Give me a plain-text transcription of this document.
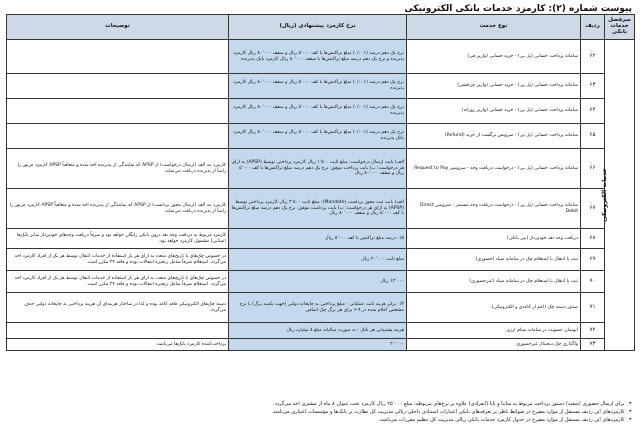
پیوست شماره (۲): کارمزد خدمات بانکی الکترونیکی
سرفصل خدمات بانکی	ردیف	نوع خدمت	نرخ کارمزد پیشنهادی (ریال)	توضیحات
خدمات الکترونیکی	۶۲	سامانه پرداخت حسابی (پل پی) - خرید حسابی (واریز فی)	نرخ یک دهم درصد (۰/۰۰۱) مبلغ تراکنش‌ها با کف ۵٬۰۰۰ ریال و سقف ۸۰٬۰۰۰ ریال کارمزد پذیرنده و نرخ یک دهم درصد مبلغ تراکنش‌ها با سقف ۸۰٬۰۰۰ ریال کارمزد بانک پذیرنده	
	۶۳	سامانه پرداخت حسابی (پل پی) - خرید حسابی (واریز چرخشی)	نرخ یک دهم درصد (۰/۰۰۱) مبلغ تراکنش‌ها با کف ۵٬۰۰۰ ریال و سقف ۸۰٬۰۰۰ ریال کارمزد پذیرنده	
	۶۴	سامانه پرداخت حسابی (پل پی) - خرید حسابی (واریز روزانه)	نرخ یک دهم درصد (۰/۰۰۱) مبلغ تراکنش‌ها با کف ۵٬۰۰۰ ریال و سقف ۸۰٬۰۰۰ ریال کارمزد پذیرنده	
	۶۵	سامانه پرداخت حسابی (پل پی) - سرویس برگشت از خرید (Refund)	نرخ یک دهم درصد (۰/۰۰۱) مبلغ تراکنش‌ها با کف ۵٬۰۰۰ ریال و سقف ۸۰٬۰۰۰ ریال کارمزد بانک پذیرنده	
	۶۶	سامانه پرداخت حسابی (پل پی) - درخواست دریافت وجه - سرویس Request to Pay	الف) بابت ارسال درخواست: مبلغ ثابت ۱٬۵۰۰ ریال کارمزد پرداختی توسط (APSP) به ازای هر درخواست؛ ب) بابت پرداخت موفق: نرخ یک دهم درصد مبلغ تراکنش‌ها با کف ۵٬۰۰۰ ریال و سقف ۸۰٬۰۰۰ ریال	کارمزد بند الف (ارسال درخواست) از APSP که نمایندگی از پذیرنده اخذ شده و متعاقباً APSP کارمزد مزبور را راساً از پذیرنده دریافت می‌نماید.
	۶۷	سامانه پرداخت حسابی (پل پی) - درخواست دریافت وجه مستمر - سرویس Direct Debit	الف) بابت ثبت مجوز برداشت (Mandate): مبلغ ثابت ۳٬۵۰۰ ریال کارمزد پرداختی توسط (APSP) به ازای هر درخواست؛ ب) بابت برداشت موفق: نرخ یک دهم درصد مبلغ تراکنش‌ها با کف ۵٬۰۰۰ ریال و سقف ۸۰٬۰۰۰ ریال	کارمزد بند الف (ارسال مجوز برداشت) از APSP که نمایندگی از پذیرنده اخذ شده و متعاقباً APSP کارمزد مزبور را راساً از پذیرنده دریافت می‌نماید.
	۶۸	دریافت وجه نقد خودپرداز (بین بانکی)	۰/۵ درصد مبلغ تراکنش با کف ۵٬۰۰۰ ریال	کارمزد مربوط به دریافت وجه نقد درون بانکی رایگان خواهد بود و صرفاً دریافت وجه‌های خودپرداز سایر بانک‌ها (شتابی) مشمول کارمزد خواهد بود.
	۶۹	ثبت یا انتقال یا استعلام چک در سامانه صیاد (حضوری)	مبلغ ثابت ۲۰٬۰۰۰ ریال	در خصوص چک‌های با تاریخ‌های متعدد به ازای هر بار استفاده از خدمات انتقال توسط هر یک از افراد کارمزد اخذ می‌گردد. استعلام صرفاً شامل زنجیره انتقالات بوده و فاقد ۲۴ مکرر است.
	۷۰	ثبت یا انتقال یا استعلام چک در سامانه صیاد (غیرحضوری)	۱۲٬۰۰۰ ریال	در خصوص چک‌های با تاریخ‌های متعدد به ازای هر بار استفاده از خدمات انتقال توسط هر یک از افراد کارمزد اخذ می‌گردد. استعلام صرفاً شامل زنجیره انتقالات بوده و فاقد ۲۴ مکرر است.
	۷۱	صدور دسته چک (اعم از کاغذی و الکترونیکی)	۰/۲ برابر هزینه ثابت عملیاتی - مبلغ پرداختی به چاپخانه دولتی (جهت یکصد برگ) با نرخ مشخص اعلام شده در ۹-۶ برای هر برگ چک اضافی	دسته چک‌های الکترونیکی فاقد کاغذ بوده و لذا در ساختار هزینه‌ای آن هزینه پرداختی به چاپخانه دولتی حذف می‌گردد.
	۷۲	ابونمان عضویت در سامانه سپام ارزی	هزینه پشتیبانی هر بانک - به صورت سالیانه مبلغ ۸ میلیارد ریال	
	۷۳	واگذاری چک دیجیتال غیرحضوری	۲۰٬۰۰۰	پرداخت‌کننده کارمزد بانک‌ها می‌باشد.
•
برای ارسال حضوری (شعبه) دستور پرداخت مربوط به ساتنا و پایا (انفرادی) علاوه بر نرخ‌های مربوطه، مبلغ ۲۵٬۰۰۰ ریال کارمزد تحت عنوان ۸ ماه از مشتری اخذ می‌گردد.
•
کارمزدهای این ردیف مستقل از موارد مصرح در ضوابط ناظر بر تعرفه‌های بانکی اعتبارات استنادی داخلی-ریالی مدیریت کل نظارت بر بانک‌ها و مؤسسات اعتباری می‌باشد.
•
کارمزدهای این ردیف مستقل از موارد مصرح در جدول کارمزد خدمات بانکی ریالی مدیریت کل تنظیم مقررات می‌باشد.
